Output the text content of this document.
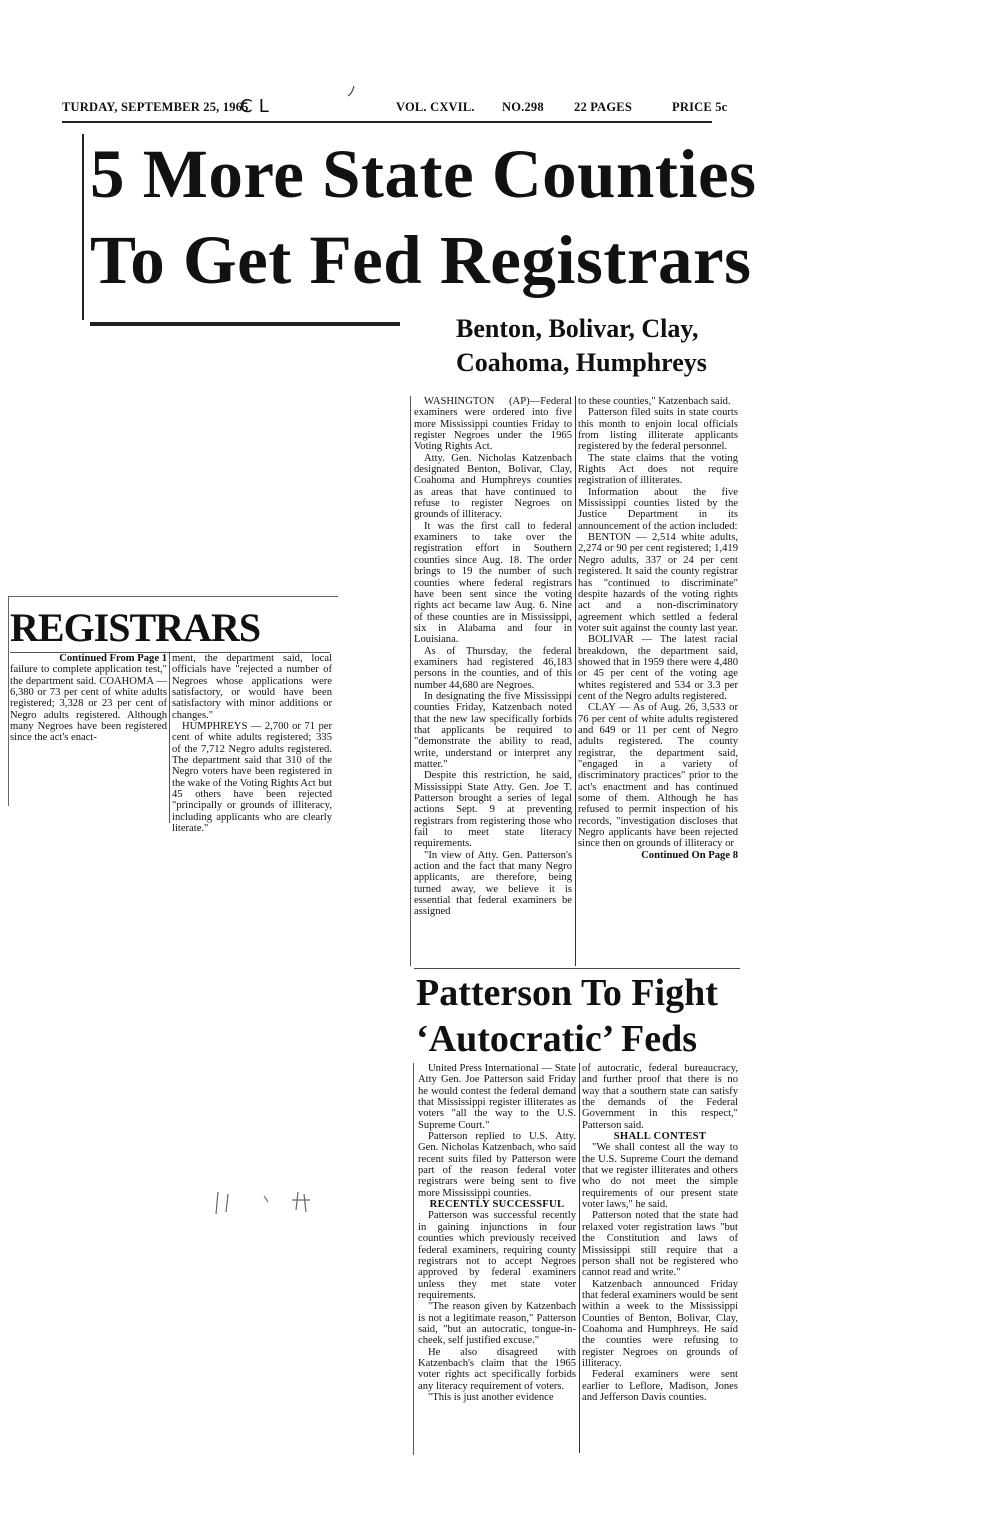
TURDAY, SEPTEMBER 25, 1965
C L	VOL. CXVIL. NO.298 22 PAGES	PRICE 5c
5 More State Counties
To Get Fed Registrars
Benton, Bolivar, Clay,
Coahoma, Humphreys

WASHINGTON (AP)—Federal examiners were ordered into five more Mississippi counties Friday to register Negroes under the 1965 Voting Rights Act.

Atty. Gen. Nicholas Katzenbach designated Benton, Bolivar, Clay, Coahoma and Humphreys counties as areas that have continued to refuse to register Negroes on grounds of illiteracy.

It was the first call to federal examiners to take over the registration effort in Southern counties since Aug. 18. The order brings to 19 the number of such counties where federal registrars have been sent since the voting rights act became law Aug. 6. Nine of these counties are in Mississippi, six in Alabama and four in Louisiana.

As of Thursday, the federal examiners had registered 46,183 persons in the counties, and of this number 44,680 are Negroes.

In designating the five Mississippi counties Friday, Katzenbach noted that the new law specifically forbids that applicants be required to "demonstrate the ability to read, write, understand or interpret any matter."

Despite this restriction, he said, Mississippi State Atty. Gen. Joe T. Patterson brought a series of legal actions Sept. 9 at preventing registrars from registering those who fail to meet state literacy requirements.

"In view of Atty. Gen. Patterson's action and the fact that many Negro applicants, are therefore, being turned away, we believe it is essential that federal examiners be assigned

to these counties," Katzenbach said.

Patterson filed suits in state courts this month to enjoin local officials from listing illiterate applicants registered by the federal personnel.

The state claims that the voting Rights Act does not require registration of illiterates.

Information about the five Mississippi counties listed by the Justice Department in its announcement of the action included:

BENTON — 2,514 white adults, 2,274 or 90 per cent registered; 1,419 Negro adults, 337 or 24 per cent registered. It said the county registrar has "continued to discriminate" despite hazards of the voting rights act and a non-discriminatory agreement which settled a federal voter suit against the county last year.

BOLIVAR — The latest racial breakdown, the department said, showed that in 1959 there were 4,480 or 45 per cent of the voting age whites registered and 534 or 3.3 per cent of the Negro adults registered.

CLAY — As of Aug. 26, 3,533 or 76 per cent of white adults registered and 649 or 11 per cent of Negro adults registered. The county registrar, the department said, "engaged in a variety of discriminatory practices" prior to the act's enactment and has continued some of them. Although he has refused to permit inspection of his records, "investigation discloses that Negro applicants have been rejected since then on grounds of illiteracy or

Continued On Page 8

REGISTRARS

Continued From Page 1

failure to complete application test," the department said. COAHOMA — 6,380 or 73 per cent of white adults registered; 3,328 or 23 per cent of Negro adults registered. Although many Negroes have been registered since the act's enact-

ment, the department said, local officials have "rejected a number of Negroes whose applications were satisfactory, or would have been satisfactory with minor additions or changes."

HUMPHREYS — 2,700 or 71 per cent of white adults registered; 335 of the 7,712 Negro adults registered. The department said that 310 of the Negro voters have been registered in the wake of the Voting Rights Act but 45 others have been rejected "principally or grounds of illiteracy, including applicants who are clearly literate."

Patterson To Fight
‘Autocratic’ Feds

United Press International — State Atty Gen. Joe Patterson said Friday he would contest the federal demand that Mississippi register illiterates as voters "all the way to the U.S. Supreme Court."

Patterson replied to U.S. Atty. Gen. Nicholas Katzenbach, who said recent suits filed by Patterson were part of the reason federal voter registrars were being sent to five more Mississippi counties.

RECENTLY SUCCESSFUL

Patterson was successful recently in gaining injunctions in four counties which previously received federal examiners, requiring county registrars not to accept Negroes approved by federal examiners unless they met state voter requirements.

"The reason given by Katzenbach is not a legitimate reason," Patterson said, "but an autocratic, tongue-in-cheek, self justified excuse."

He also disagreed with Katzenbach's claim that the 1965 voter rights act specifically forbids any literacy requirement of voters.

"This is just another evidence

of autocratic, federal bureaucracy, and further proof that there is no way that a southern state can satisfy the demands of the Federal Government in this respect," Patterson said.

SHALL CONTEST

"We shall contest all the way to the U.S. Supreme Court the demand that we register illiterates and others who do not meet the simple requirements of our present state voter laws," he said.

Patterson noted that the state had relaxed voter registration laws "but the Constitution and laws of Mississippi still require that a person shall not be registered who cannot read and write."

Katzenbach announced Friday that federal examiners would be sent within a week to the Mississippi Counties of Benton, Bolivar, Clay, Coahoma and Humphreys. He said the counties were refusing to register Negroes on grounds of illiteracy.

Federal examiners were sent earlier to Leflore, Madison, Jones and Jefferson Davis counties.
